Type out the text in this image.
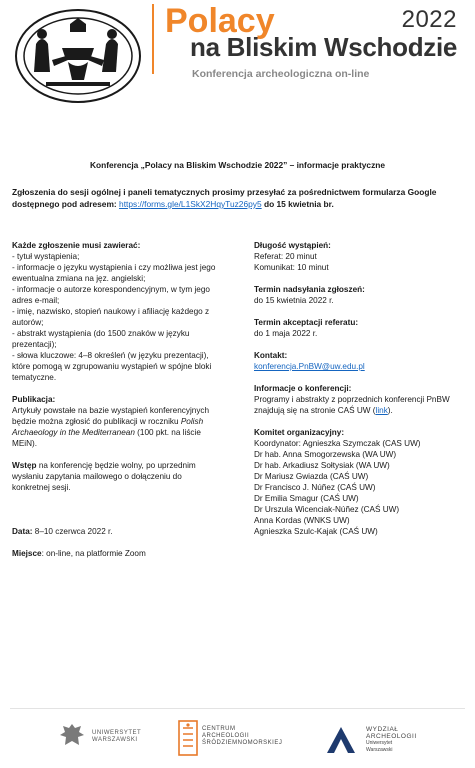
2022
Polacy
na Bliskim Wschodzie
Konferencja archeologiczna on-line
Konferencja „Polacy na Bliskim Wschodzie 2022” – informacje praktyczne
Zgłoszenia do sesji ogólnej i paneli tematycznych prosimy przesyłać za pośrednictwem formularza Google dostępnego pod adresem: https://forms.gle/L1SkX2HqyTuz26py5 do 15 kwietnia br.
Każde zgłoszenie musi zawierać:
- tytuł wystąpienia;
- informacje o języku wystąpienia i czy możliwa jest jego ewentualna zmiana na jęz. angielski;
- informacje o autorze korespondencyjnym, w tym jego adres e-mail;
- imię, nazwisko, stopień naukowy i afiliację każdego z autorów;
- abstrakt wystąpienia (do 1500 znaków w języku prezentacji);
- słowa kluczowe: 4–8 określeń (w języku prezentacji), które pomogą w zgrupowaniu wystąpień w spójne bloki tematyczne.
Publikacja:
Artykuły powstałe na bazie wystąpień konferencyjnych będzie można zgłosić do publikacji w roczniku Polish Archaeology in the Mediterranean (100 pkt. na liście MEiN).
Wstęp na konferencję będzie wolny, po uprzednim wysłaniu zapytania mailowego o dołączeniu do konkretnej sesji.
Data: 8–10 czerwca 2022 r.
Miejsce: on-line, na platformie Zoom
Długość wystąpień:
Referat: 20 minut
Komunikat: 10 minut
Termin nadsyłania zgłoszeń:
do 15 kwietnia 2022 r.
Termin akceptacji referatu:
do 1 maja 2022 r.
Kontakt:
konferencja.PnBW@uw.edu.pl
Informacje o konferencji:
Programy i abstrakty z poprzednich konferencji PnBW znajdują się na stronie CAŚ UW (link).
Komitet organizacyjny:
Koordynator: Agnieszka Szymczak (CAS UW)
Dr hab. Anna Smogorzewska (WA UW)
Dr hab. Arkadiusz Sołtysiak (WA UW)
Dr Mariusz Gwiazda (CAŚ UW)
Dr Francisco J. Núñez (CAŚ UW)
Dr Emilia Smagur (CAŚ UW)
Dr Urszula Wicenciak-Núñez (CAŚ UW)
Anna Kordas (WNKS UW)
Agnieszka Szulc-Kajak (CAŚ UW)
UNIWERSYTET
WARSZAWSKI
CENTRUM
ARCHEOLOGII
ŚRÓDZIEMNOMORSKIEJ
WYDZIAŁ
ARCHEOLOGII
Uniwersytet
Warszawski
